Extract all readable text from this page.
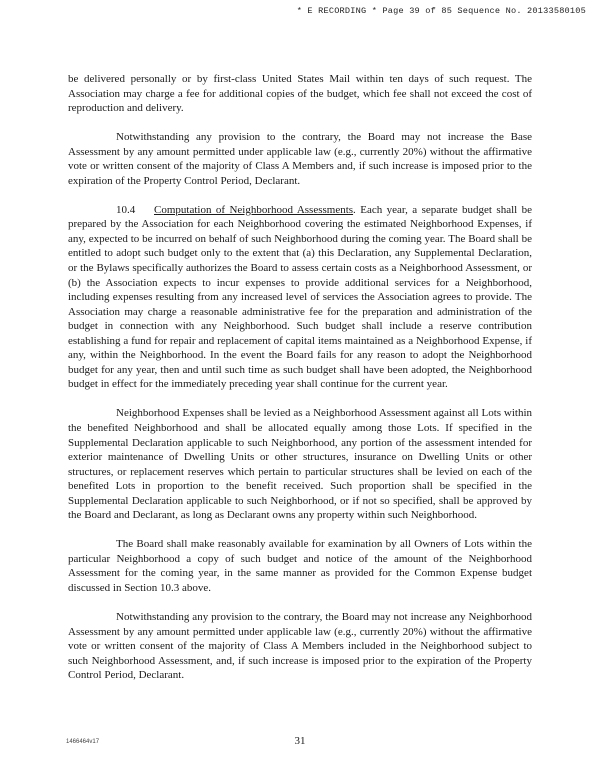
* E RECORDING * Page 39 of 85 Sequence No. 20133580105

be delivered personally or by first-class United States Mail within ten days of such request. The Association may charge a fee for additional copies of the budget, which fee shall not exceed the cost of reproduction and delivery.

Notwithstanding any provision to the contrary, the Board may not increase the Base Assessment by any amount permitted under applicable law (e.g., currently 20%) without the affirmative vote or written consent of the majority of Class A Members and, if such increase is imposed prior to the expiration of the Property Control Period, Declarant.

10.4 Computation of Neighborhood Assessments. Each year, a separate budget shall be prepared by the Association for each Neighborhood covering the estimated Neighborhood Expenses, if any, expected to be incurred on behalf of such Neighborhood during the coming year. The Board shall be entitled to adopt such budget only to the extent that (a) this Declaration, any Supplemental Declaration, or the Bylaws specifically authorizes the Board to assess certain costs as a Neighborhood Assessment, or (b) the Association expects to incur expenses to provide additional services for a Neighborhood, including expenses resulting from any increased level of services the Association agrees to provide. The Association may charge a reasonable administrative fee for the preparation and administration of the budget in connection with any Neighborhood. Such budget shall include a reserve contribution establishing a fund for repair and replacement of capital items maintained as a Neighborhood Expense, if any, within the Neighborhood. In the event the Board fails for any reason to adopt the Neighborhood budget for any year, then and until such time as such budget shall have been adopted, the Neighborhood budget in effect for the immediately preceding year shall continue for the current year.

Neighborhood Expenses shall be levied as a Neighborhood Assessment against all Lots within the benefited Neighborhood and shall be allocated equally among those Lots. If specified in the Supplemental Declaration applicable to such Neighborhood, any portion of the assessment intended for exterior maintenance of Dwelling Units or other structures, insurance on Dwelling Units or other structures, or replacement reserves which pertain to particular structures shall be levied on each of the benefited Lots in proportion to the benefit received. Such proportion shall be specified in the Supplemental Declaration applicable to such Neighborhood, or if not so specified, shall be approved by the Board and Declarant, as long as Declarant owns any property within such Neighborhood.

The Board shall make reasonably available for examination by all Owners of Lots within the particular Neighborhood a copy of such budget and notice of the amount of the Neighborhood Assessment for the coming year, in the same manner as provided for the Common Expense budget discussed in Section 10.3 above.

Notwithstanding any provision to the contrary, the Board may not increase any Neighborhood Assessment by any amount permitted under applicable law (e.g., currently 20%) without the affirmative vote or written consent of the majority of Class A Members included in the Neighborhood subject to such Neighborhood Assessment, and, if such increase is imposed prior to the expiration of the Property Control Period, Declarant.

1466464v17	31
